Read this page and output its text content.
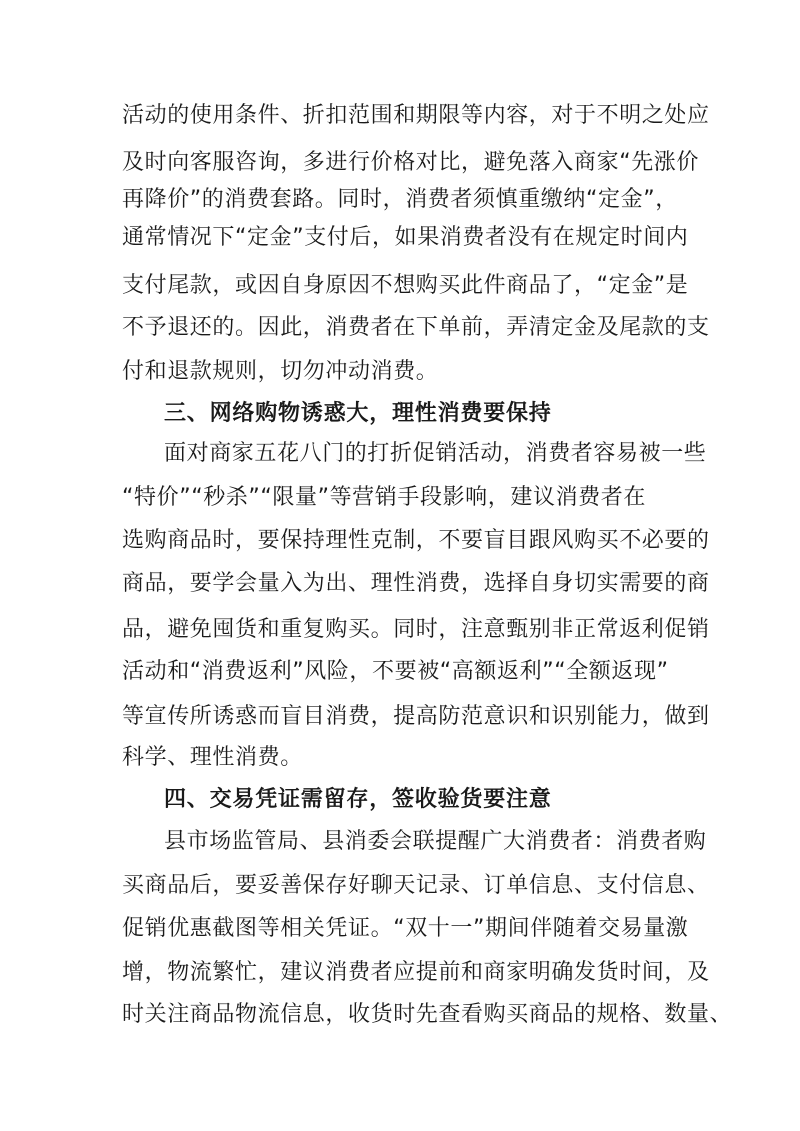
活动的使用条件、折扣范围和期限等内容，对于不明之处应
及时向客服咨询，多进行价格对比，避免落入商家“先涨价
再降价”的消费套路。同时，消费者须慎重缴纳“定金”，
通常情况下“定金”支付后，如果消费者没有在规定时间内
支付尾款，或因自身原因不想购买此件商品了，“定金”是
不予退还的。因此，消费者在下单前，弄清定金及尾款的支
付和退款规则，切勿冲动消费。
三、网络购物诱惑大，理性消费要保持
面对商家五花八门的打折促销活动，消费者容易被一些
“特价”“秒杀”“限量”等营销手段影响，建议消费者在
选购商品时，要保持理性克制，不要盲目跟风购买不必要的
商品，要学会量入为出、理性消费，选择自身切实需要的商
品，避免囤货和重复购买。同时，注意甄别非正常返利促销
活动和“消费返利”风险，不要被“高额返利”“全额返现”
等宣传所诱惑而盲目消费，提高防范意识和识别能力，做到
科学、理性消费。
四、交易凭证需留存，签收验货要注意
县市场监管局、县消委会联提醒广大消费者：消费者购
买商品后，要妥善保存好聊天记录、订单信息、支付信息、
促销优惠截图等相关凭证。“双十一”期间伴随着交易量激
增，物流繁忙，建议消费者应提前和商家明确发货时间，及
时关注商品物流信息，收货时先查看购买商品的规格、数量、
